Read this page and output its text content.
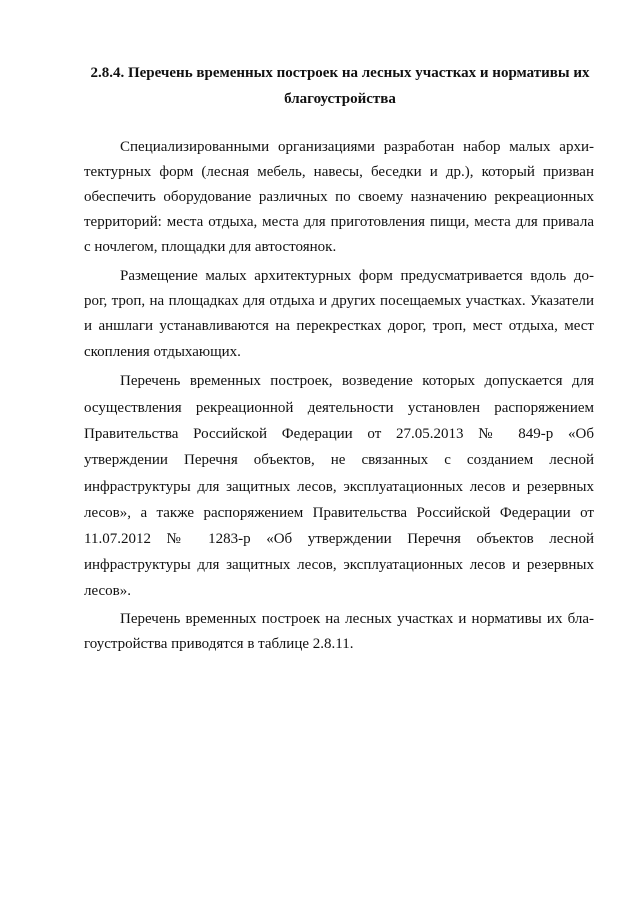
2.8.4. Перечень временных построек на лесных участках и нормативы их

благоустройства

Специализированными организациями разработан набор малых архи-

тектурных форм (лесная мебель, навесы, беседки и др.), который призван

обеспечить оборудование различных по своему назначению рекреационных

территорий: места отдыха, места для приготовления пищи, места для привала

с ночлегом, площадки для автостоянок.

Размещение малых архитектурных форм предусматривается вдоль до-

рог, троп, на площадках для отдыха и других посещаемых участках. Указатели

и аншлаги устанавливаются на перекрестках дорог, троп, мест отдыха, мест

скопления отдыхающих.

Перечень временных построек, возведение которых допускается для

осуществления рекреационной деятельности установлен распоряжением

Правительства Российской Федерации от 27.05.2013 № 849-р «Об

утверждении Перечня объектов, не связанных с созданием лесной

инфраструктуры для защитных лесов, эксплуатационных лесов и резервных

лесов», а также распоряжением Правительства Российской Федерации от

11.07.2012 № 1283-р «Об утверждении Перечня объектов лесной

инфраструктуры для защитных лесов, эксплуатационных лесов и резервных

лесов».

Перечень временных построек на лесных участках и нормативы их бла-

гоустройства приводятся в таблице 2.8.11.
